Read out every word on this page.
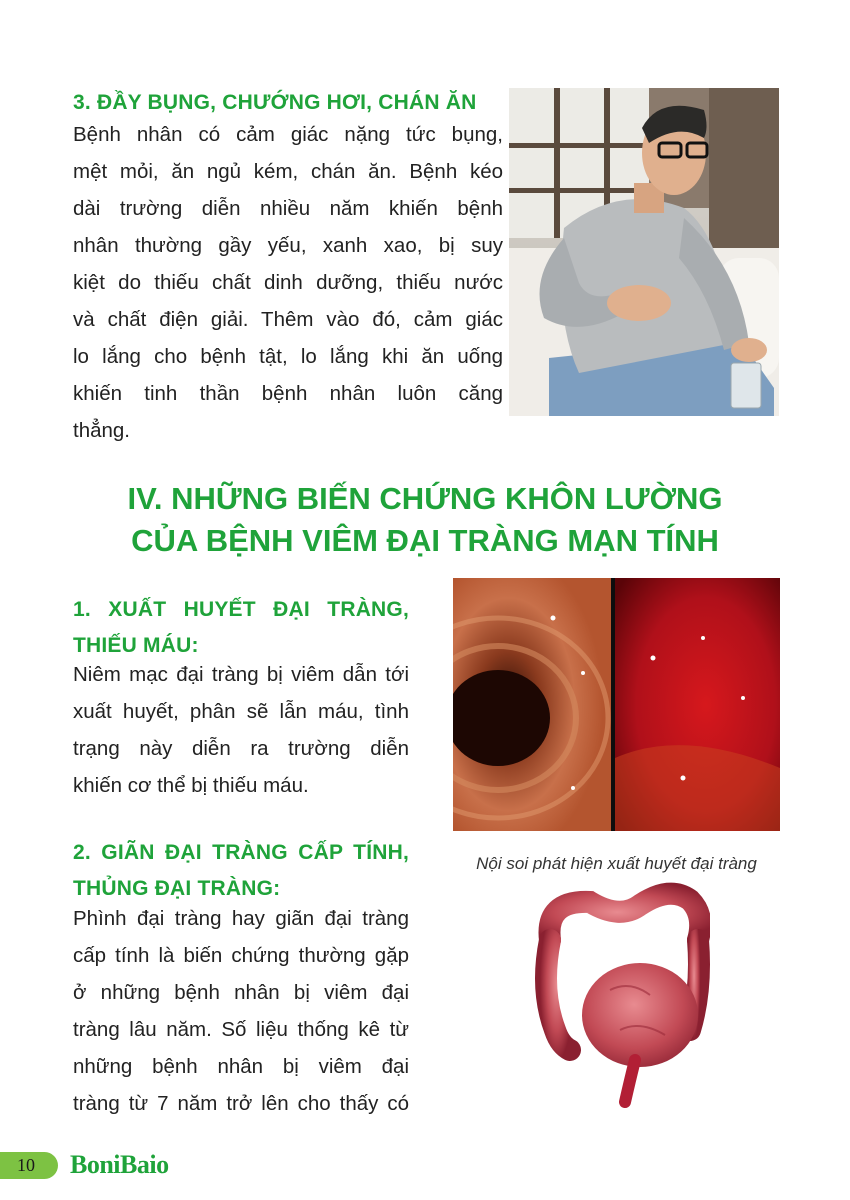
3. ĐẦY BỤNG, CHƯỚNG HƠI, CHÁN ĂN
Bệnh nhân có cảm giác nặng tức bụng,
mệt mỏi, ăn ngủ kém, chán ăn. Bệnh kéo
dài trường diễn nhiều năm khiến bệnh
nhân thường gầy yếu, xanh xao, bị suy
kiệt do thiếu chất dinh dưỡng, thiếu nước
và chất điện giải. Thêm vào đó, cảm giác
lo lắng cho bệnh tật, lo lắng khi ăn uống
khiến tinh thần bệnh nhân luôn căng
thẳng.
IV. NHỮNG BIẾN CHỨNG KHÔN LƯỜNG
CỦA BỆNH VIÊM ĐẠI TRÀNG MẠN TÍNH
1. XUẤT HUYẾT ĐẠI TRÀNG,
THIẾU MÁU:
Niêm mạc đại tràng bị viêm dẫn tới
xuất huyết, phân sẽ lẫn máu, tình
trạng này diễn ra trường diễn
khiến cơ thể bị thiếu máu.
Nội soi phát hiện xuất huyết đại tràng
2. GIÃN ĐẠI TRÀNG CẤP TÍNH,
THỦNG ĐẠI TRÀNG:
Phình đại tràng hay giãn đại tràng
cấp tính là biến chứng thường gặp
ở những bệnh nhân bị viêm đại
tràng lâu năm. Số liệu thống kê từ
những bệnh nhân bị viêm đại
tràng từ 7 năm trở lên cho thấy có
10 BoniBaio
